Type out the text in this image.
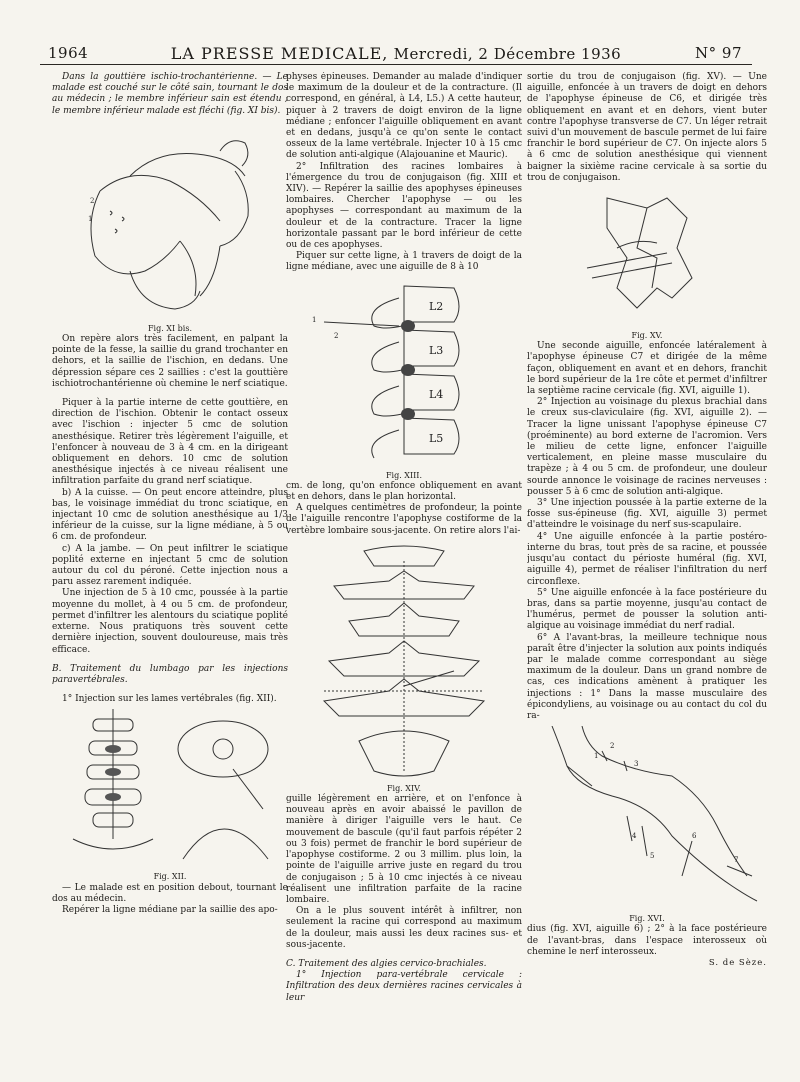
1964	LA PRESSE MEDICALE, Mercredi, 2 Décembre 1936	N° 97

Dans la gouttière ischio-trochantérienne. — Le malade est couché sur le côté sain, tournant le dos au médecin ; le membre inférieur sain est étendu ; le membre inférieur malade est fléchi (fig. XI bis).

1
2

Fig. XI bis.

On repère alors très facilement, en palpant la pointe de la fesse, la saillie du grand trochanter en dehors, et la saillie de l'ischion, en dedans. Une dépression sépare ces 2 saillies : c'est la gouttière ischiotrochantérienne où chemine le nerf sciatique.

Piquer à la partie interne de cette gouttière, en direction de l'ischion. Obtenir le contact osseux avec l'ischion : injecter 5 cmc de solution anesthésique. Retirer très légèrement l'aiguille, et l'enfoncer à nouveau de 3 à 4 cm. en la dirigeant obliquement en dehors. 10 cmc de solution anesthésique injectés à ce niveau réalisent une infiltration parfaite du grand nerf sciatique.

b) A la cuisse. — On peut encore atteindre, plus bas, le voisinage immédiat du tronc sciatique, en injectant 10 cmc de solution anesthésique au 1/3 inférieur de la cuisse, sur la ligne médiane, à 5 ou 6 cm. de profondeur.

c) A la jambe. — On peut infiltrer le sciatique poplité externe en injectant 5 cmc de solution autour du col du péroné. Cette injection nous a paru assez rarement indiquée.

Une injection de 5 à 10 cmc, poussée à la partie moyenne du mollet, à 4 ou 5 cm. de profondeur, permet d'infiltrer les alentours du sciatique poplité externe. Nous pratiquons très souvent cette dernière injection, souvent douloureuse, mais très efficace.

B. Traitement du lumbago par les injections paravertébrales.

1° Injection sur les lames vertébrales (fig. XII).

Fig. XII.

— Le malade est en position debout, tournant le dos au médecin.

Repérer la ligne médiane par la saillie des apo-

physes épineuses. Demander au malade d'indiquer le maximum de la douleur et de la contracture. (Il correspond, en général, à L4, L5.) A cette hauteur, piquer à 2 travers de doigt environ de la ligne médiane ; enfoncer l'aiguille obliquement en avant et en dedans, jusqu'à ce qu'on sente le contact osseux de la lame vertébrale. Injecter 10 à 15 cmc de solution anti-algique (Alajouanine et Mauric).

2° Infiltration des racines lombaires à l'émergence du trou de conjugaison (fig. XIII et XIV). — Repérer la saillie des apophyses épineuses lombaires. Chercher l'apophyse — ou les apophyses — correspondant au maximum de la douleur et de la contracture. Tracer la ligne horizontale passant par le bord inférieur de cette ou de ces apophyses.

Piquer sur cette ligne, à 1 travers de doigt de la ligne médiane, avec une aiguille de 8 à 10

L2
L3
L4
L5
1
2

Fig. XIII.

cm. de long, qu'on enfonce obliquement en avant et en dehors, dans le plan horizontal.

A quelques centimètres de profondeur, la pointe de l'aiguille rencontre l'apophyse costiforme de la vertèbre lombaire sous-jacente. On retire alors l'ai-

Fig. XIV.

guille légèrement en arrière, et on l'enfonce à nouveau après en avoir abaissé le pavillon de manière à diriger l'aiguille vers le haut. Ce mouvement de bascule (qu'il faut parfois répéter 2 ou 3 fois) permet de franchir le bord supérieur de l'apophyse costiforme. 2 ou 3 millim. plus loin, la pointe de l'aiguille arrive juste en regard du trou de conjugaison ; 5 à 10 cmc injectés à ce niveau réalisent une infiltration parfaite de la racine lombaire.

On a le plus souvent intérêt à infiltrer, non seulement la racine qui correspond au maximum de la douleur, mais aussi les deux racines sus- et sous-jacente.

C. Traitement des algies cervico-brachiales.

1° Injection para-vertébrale cervicale : Infiltration des deux dernières racines cervicales à leur

sortie du trou de conjugaison (fig. XV). — Une aiguille, enfoncée à un travers de doigt en dehors de l'apophyse épineuse de C6, et dirigée très obliquement en avant et en dehors, vient buter contre l'apophyse transverse de C7. Un léger retrait suivi d'un mouvement de bascule permet de lui faire franchir le bord supérieur de C7. On injecte alors 5 à 6 cmc de solution anesthésique qui viennent baigner la sixième racine cervicale à sa sortie du trou de conjugaison.

Fig. XV.

Une seconde aiguille, enfoncée latéralement à l'apophyse épineuse C7 et dirigée de la même façon, obliquement en avant et en dehors, franchit le bord supérieur de la 1re côte et permet d'infiltrer la septième racine cervicale (fig. XVI, aiguille 1).

2° Injection au voisinage du plexus brachial dans le creux sus-claviculaire (fig. XVI, aiguille 2). — Tracer la ligne unissant l'apophyse épineuse C7 (proéminente) au bord externe de l'acromion. Vers le milieu de cette ligne, enfoncer l'aiguille verticalement, en pleine masse musculaire du trapèze ; à 4 ou 5 cm. de profondeur, une douleur sourde annonce le voisinage de racines nerveuses : pousser 5 à 6 cmc de solution anti-algique.

3° Une injection poussée à la partie externe de la fosse sus-épineuse (fig. XVI, aiguille 3) permet d'atteindre le voisinage du nerf sus-scapulaire.

4° Une aiguille enfoncée à la partie postéro-interne du bras, tout près de sa racine, et poussée jusqu'au contact du périoste huméral (fig. XVI, aiguille 4), permet de réaliser l'infiltration du nerf circonflexe.

5° Une aiguille enfoncée à la face postérieure du bras, dans sa partie moyenne, jusqu'au contact de l'humérus, permet de pousser la solution anti-algique au voisinage immédiat du nerf radial.

6° A l'avant-bras, la meilleure technique nous paraît être d'injecter la solution aux points indiqués par le malade comme correspondant au siège maximum de la douleur. Dans un grand nombre de cas, ces indications amènent à pratiquer les injections : 1° Dans la masse musculaire des épicondyliens, au voisinage ou au contact du col du ra-

1
2
3
4
5
6
7

Fig. XVI.

dius (fig. XVI, aiguille 6) ; 2° à la face postérieure de l'avant-bras, dans l'espace interosseux où chemine le nerf interosseux.

S. de Sèze.
